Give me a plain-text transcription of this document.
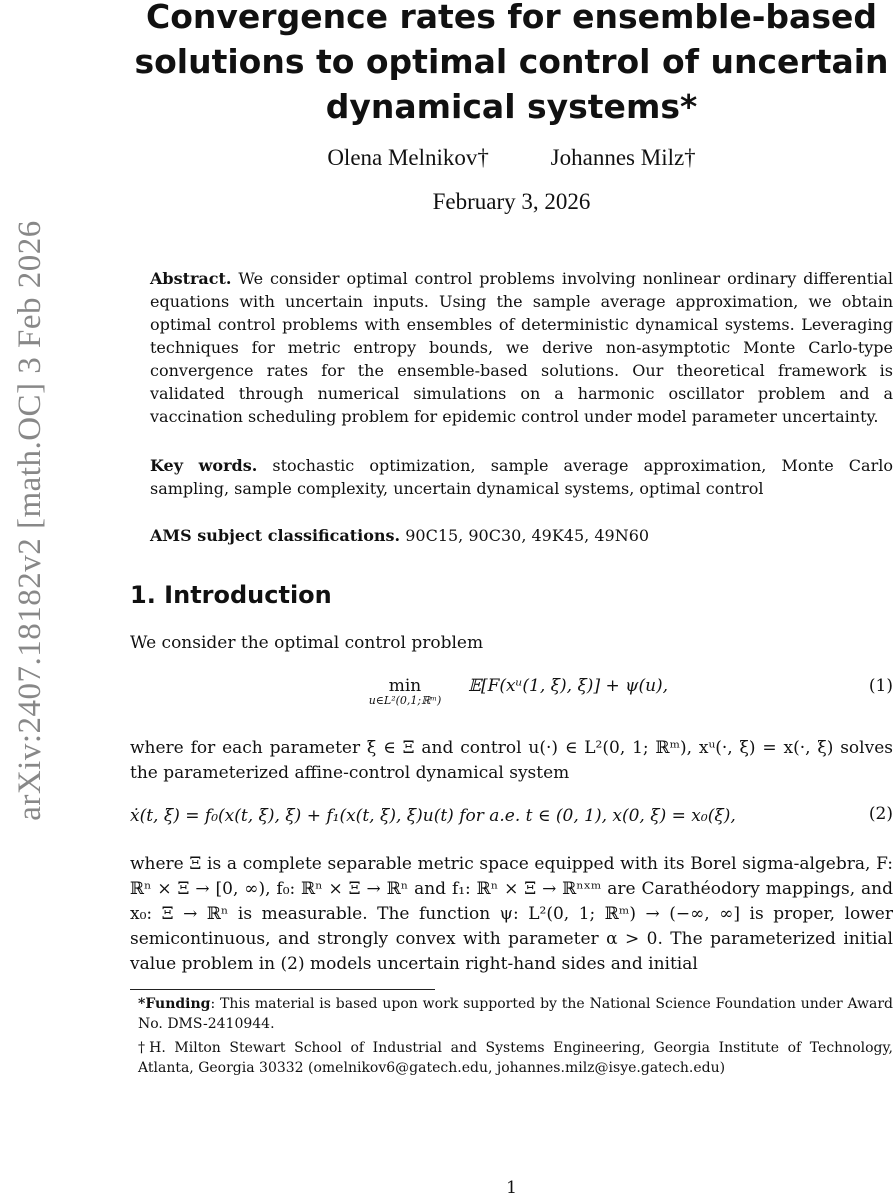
arXiv:2407.18182v2 [math.OC] 3 Feb 2026
Convergence rates for ensemble-based solutions to optimal control of uncertain dynamical systems*
Olena Melnikov†	Johannes Milz†
February 3, 2026
Abstract. We consider optimal control problems involving nonlinear ordinary differential equations with uncertain inputs. Using the sample average approximation, we obtain optimal control problems with ensembles of deterministic dynamical systems. Leveraging techniques for metric entropy bounds, we derive non-asymptotic Monte Carlo-type convergence rates for the ensemble-based solutions. Our theoretical framework is validated through numerical simulations on a harmonic oscillator problem and a vaccination scheduling problem for epidemic control under model parameter uncertainty.
Key words. stochastic optimization, sample average approximation, Monte Carlo sampling, sample complexity, uncertain dynamical systems, optimal control
AMS subject classifications. 90C15, 90C30, 49K45, 49N60
1. Introduction
We consider the optimal control problem
min
u∈L²(0,1;ℝᵐ)
𝔼[F(xᵘ(1, ξ), ξ)] + ψ(u),	(1)
where for each parameter ξ ∈ Ξ and control u(·) ∈ L²(0, 1; ℝᵐ), xᵘ(·, ξ) = x(·, ξ) solves the parameterized affine-control dynamical system
ẋ(t, ξ) = f₀(x(t, ξ), ξ) + f₁(x(t, ξ), ξ)u(t) for a.e. t ∈ (0, 1), x(0, ξ) = x₀(ξ),	(2)
where Ξ is a complete separable metric space equipped with its Borel sigma-algebra, F: ℝⁿ × Ξ → [0, ∞), f₀: ℝⁿ × Ξ → ℝⁿ and f₁: ℝⁿ × Ξ → ℝⁿˣᵐ are Carathéodory mappings, and x₀: Ξ → ℝⁿ is measurable. The function ψ: L²(0, 1; ℝᵐ) → (−∞, ∞] is proper, lower semicontinuous, and strongly convex with parameter α > 0. The parameterized initial value problem in (2) models uncertain right-hand sides and initial
*Funding: This material is based upon work supported by the National Science Foundation under Award No. DMS-2410944.
†H. Milton Stewart School of Industrial and Systems Engineering, Georgia Institute of Technology, Atlanta, Georgia 30332 (omelnikov6@gatech.edu, johannes.milz@isye.gatech.edu)
1
